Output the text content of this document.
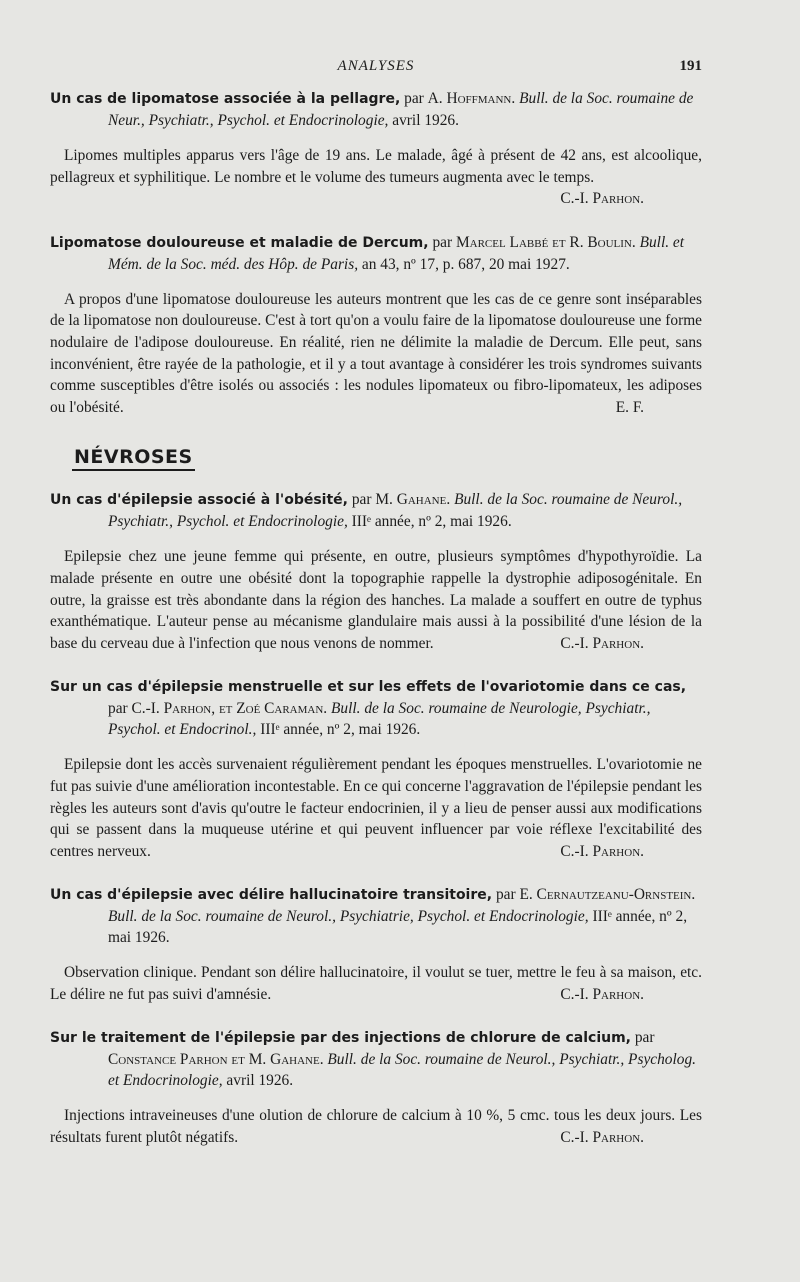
ANALYSES	191

Un cas de lipomatose associée à la pellagre, par A. Hoffmann. Bull. de la Soc. roumaine de Neur., Psychiatr., Psychol. et Endocrinologie, avril 1926.

Lipomes multiples apparus vers l'âge de 19 ans. Le malade, âgé à présent de 42 ans, est alcoolique, pellagreux et syphilitique. Le nombre et le volume des tumeurs augmenta avec le temps.
C.-I. Parhon.

Lipomatose douloureuse et maladie de Dercum, par Marcel Labbé et R. Boulin. Bull. et Mém. de la Soc. méd. des Hôp. de Paris, an 43, nº 17, p. 687, 20 mai 1927.

A propos d'une lipomatose douloureuse les auteurs montrent que les cas de ce genre sont inséparables de la lipomatose non douloureuse. C'est à tort qu'on a voulu faire de la lipomatose douloureuse une forme nodulaire de l'adipose douloureuse. En réalité, rien ne délimite la maladie de Dercum. Elle peut, sans inconvénient, être rayée de la pathologie, et il y a tout avantage à considérer les trois syndromes suivants comme susceptibles d'être isolés ou associés : les nodules lipomateux ou fibro-lipomateux, les adiposes ou l'obésité.	E. F.

NÉVROSES

Un cas d'épilepsie associé à l'obésité, par M. Gahane. Bull. de la Soc. roumaine de Neurol., Psychiatr., Psychol. et Endocrinologie, IIIᵉ année, nº 2, mai 1926.

Epilepsie chez une jeune femme qui présente, en outre, plusieurs symptômes d'hypothyroïdie. La malade présente en outre une obésité dont la topographie rappelle la dystrophie adiposogénitale. En outre, la graisse est très abondante dans la région des hanches. La malade a souffert en outre de typhus exanthématique. L'auteur pense au mécanisme glandulaire mais aussi à la possibilité d'une lésion de la base du cerveau due à l'infection que nous venons de nommer.	C.-I. Parhon.

Sur un cas d'épilepsie menstruelle et sur les effets de l'ovariotomie dans ce cas, par C.-I. Parhon, et Zoé Caraman. Bull. de la Soc. roumaine de Neurologie, Psychiatr., Psychol. et Endocrinol., IIIᵉ année, nº 2, mai 1926.

Epilepsie dont les accès survenaient régulièrement pendant les époques menstruelles. L'ovariotomie ne fut pas suivie d'une amélioration incontestable. En ce qui concerne l'aggravation de l'épilepsie pendant les règles les auteurs sont d'avis qu'outre le facteur endocrinien, il y a lieu de penser aussi aux modifications qui se passent dans la muqueuse utérine et qui peuvent influencer par voie réflexe l'excitabilité des centres nerveux.	C.-I. Parhon.

Un cas d'épilepsie avec délire hallucinatoire transitoire, par E. Cernautzeanu-Ornstein. Bull. de la Soc. roumaine de Neurol., Psychiatrie, Psychol. et Endocrinologie, IIIᵉ année, nº 2, mai 1926.

Observation clinique. Pendant son délire hallucinatoire, il voulut se tuer, mettre le feu à sa maison, etc. Le délire ne fut pas suivi d'amnésie.	C.-I. Parhon.

Sur le traitement de l'épilepsie par des injections de chlorure de calcium, par Constance Parhon et M. Gahane. Bull. de la Soc. roumaine de Neurol., Psychiatr., Psycholog. et Endocrinologie, avril 1926.

Injections intraveineuses d'une olution de chlorure de calcium à 10 %, 5 cmc. tous les deux jours. Les résultats furent plutôt négatifs.	C.-I. Parhon.
